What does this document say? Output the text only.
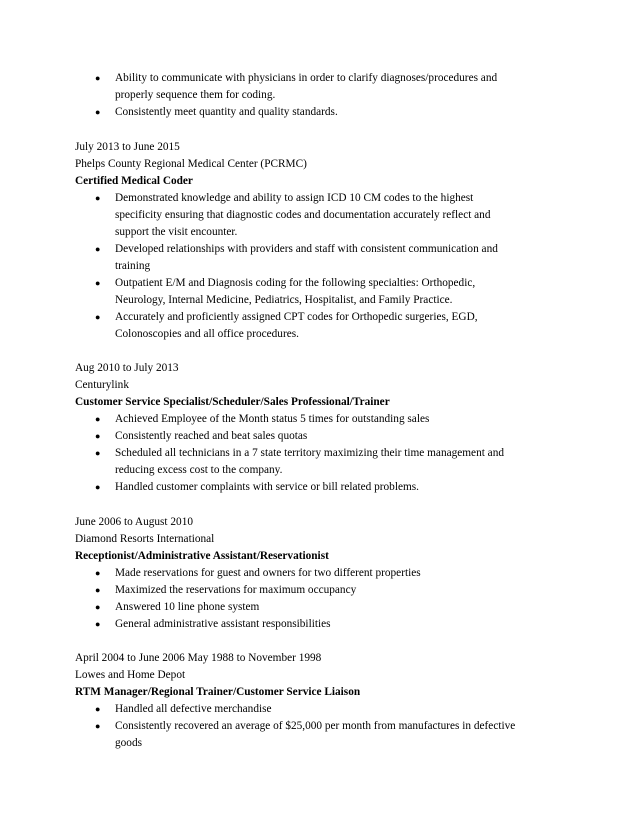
●	Ability to communicate with physicians in order to clarify diagnoses/procedures and
properly sequence them for coding.
●	Consistently meet quantity and quality standards.
July 2013 to June 2015
Phelps County Regional Medical Center (PCRMC)
Certified Medical Coder
●	Demonstrated knowledge and ability to assign ICD 10 CM codes to the highest
specificity ensuring that diagnostic codes and documentation accurately reflect and
support the visit encounter.
●	Developed relationships with providers and staff with consistent communication and
training
●	Outpatient E/M and Diagnosis coding for the following specialties: Orthopedic,
Neurology, Internal Medicine, Pediatrics, Hospitalist, and Family Practice.
●	Accurately and proficiently assigned CPT codes for Orthopedic surgeries, EGD,
Colonoscopies and all office procedures.
Aug 2010 to July 2013
Centurylink
Customer Service Specialist/Scheduler/Sales Professional/Trainer
●	Achieved Employee of the Month status 5 times for outstanding sales
●	Consistently reached and beat sales quotas
●	Scheduled all technicians in a 7 state territory maximizing their time management and
reducing excess cost to the company.
●	Handled customer complaints with service or bill related problems.
June 2006 to August 2010
Diamond Resorts International
Receptionist/Administrative Assistant/Reservationist
●	Made reservations for guest and owners for two different properties
●	Maximized the reservations for maximum occupancy
●	Answered 10 line phone system
●	General administrative assistant responsibilities
April 2004 to June 2006 May 1988 to November 1998
Lowes and Home Depot
RTM Manager/Regional Trainer/Customer Service Liaison
●	Handled all defective merchandise
●	Consistently recovered an average of $25,000 per month from manufactures in defective
goods
